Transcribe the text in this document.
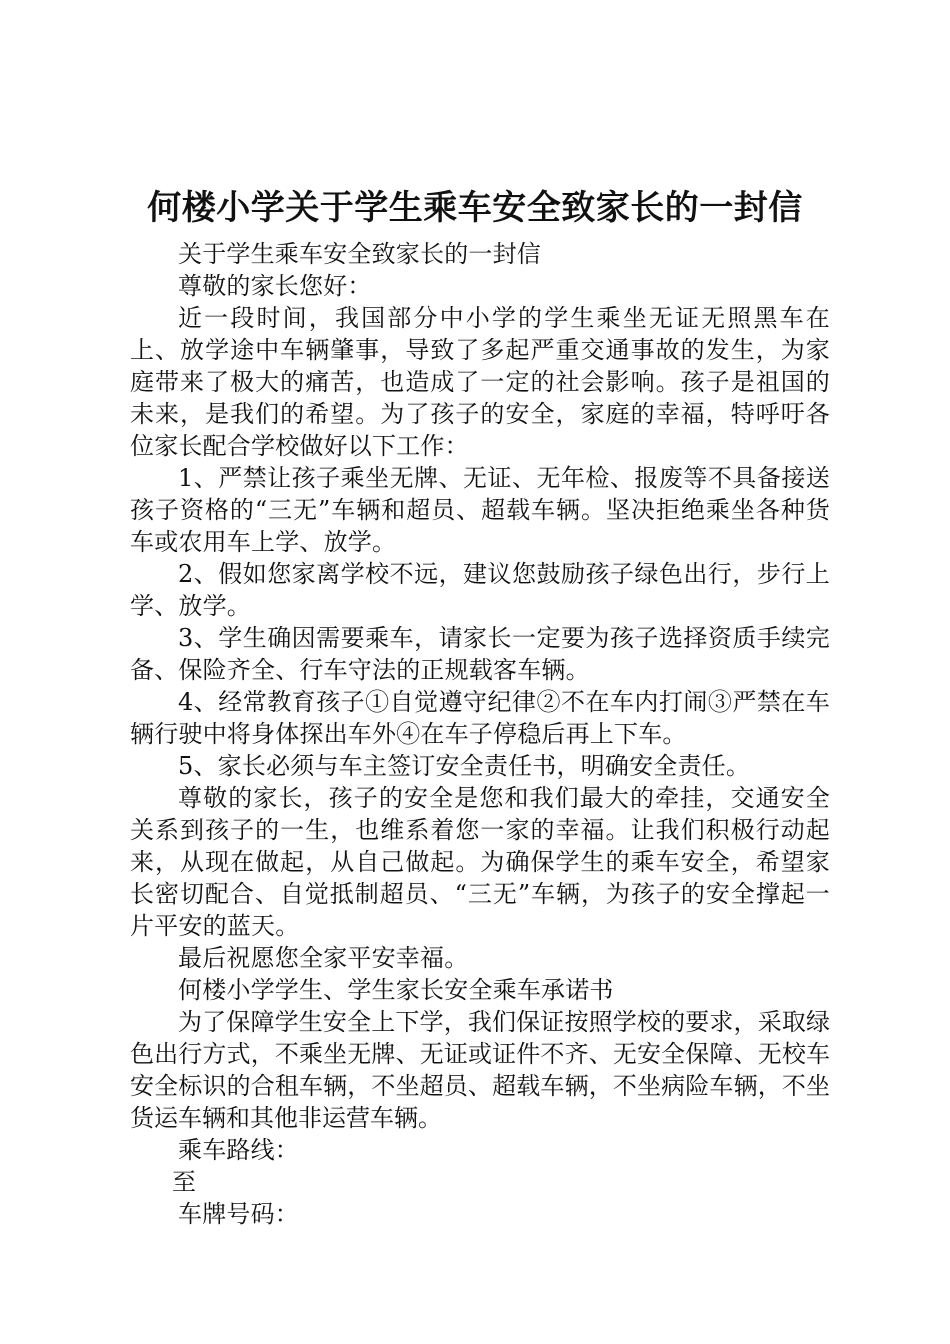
何楼小学关于学生乘车安全致家长的一封信

关于学生乘车安全致家长的一封信

尊敬的家长您好：

近一段时间，我国部分中小学的学生乘坐无证无照黑车在上、放学途中车辆肇事，导致了多起严重交通事故的发生，为家庭带来了极大的痛苦，也造成了一定的社会影响。孩子是祖国的未来，是我们的希望。为了孩子的安全，家庭的幸福，特呼吁各位家长配合学校做好以下工作：

1、严禁让孩子乘坐无牌、无证、无年检、报废等不具备接送孩子资格的“三无”车辆和超员、超载车辆。坚决拒绝乘坐各种货车或农用车上学、放学。

2、假如您家离学校不远，建议您鼓励孩子绿色出行，步行上学、放学。

3、学生确因需要乘车，请家长一定要为孩子选择资质手续完备、保险齐全、行车守法的正规载客车辆。

4、经常教育孩子①自觉遵守纪律②不在车内打闹③严禁在车辆行驶中将身体探出车外④在车子停稳后再上下车。

5、家长必须与车主签订安全责任书，明确安全责任。

尊敬的家长，孩子的安全是您和我们最大的牵挂，交通安全关系到孩子的一生，也维系着您一家的幸福。让我们积极行动起来，从现在做起，从自己做起。为确保学生的乘车安全，希望家长密切配合、自觉抵制超员、“三无”车辆，为孩子的安全撑起一片平安的蓝天。

最后祝愿您全家平安幸福。

何楼小学学生、学生家长安全乘车承诺书

为了保障学生安全上下学，我们保证按照学校的要求，采取绿色出行方式，不乘坐无牌、无证或证件不齐、无安全保障、无校车安全标识的合租车辆，不坐超员、超载车辆，不坐病险车辆，不坐货运车辆和其他非运营车辆。

乘车路线：

至

车牌号码：
